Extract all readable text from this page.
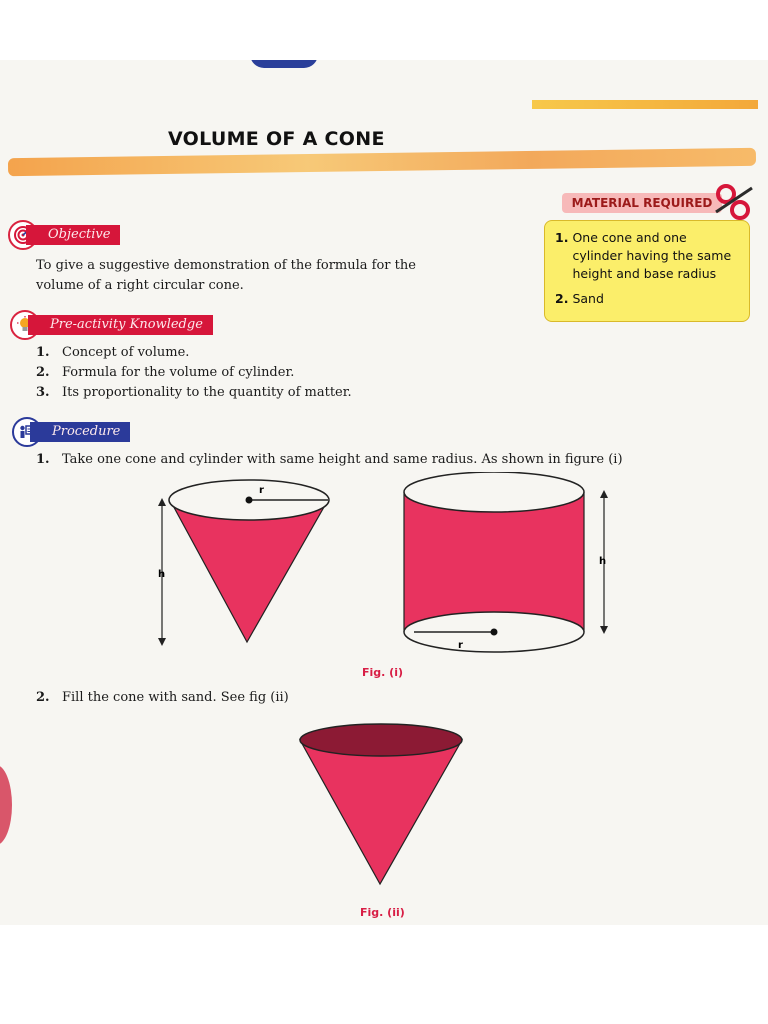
VOLUME OF A CONE
Objective
To give a suggestive demonstration of the formula for the volume of a right circular cone.
Pre-activity Knowledge
1. Concept of volume.
2. Formula for the volume of cylinder.
3. Its proportionality to the quantity of matter.
Procedure
1. Take one cone and cylinder with same height and same radius. As shown in figure (i)
r
h
r
h
Fig. (i)
2. Fill the cone with sand. See fig (ii)
Fig. (ii)
MATERIAL REQUIRED
1. One cone and one cylinder having the same height and base radius
2. Sand
